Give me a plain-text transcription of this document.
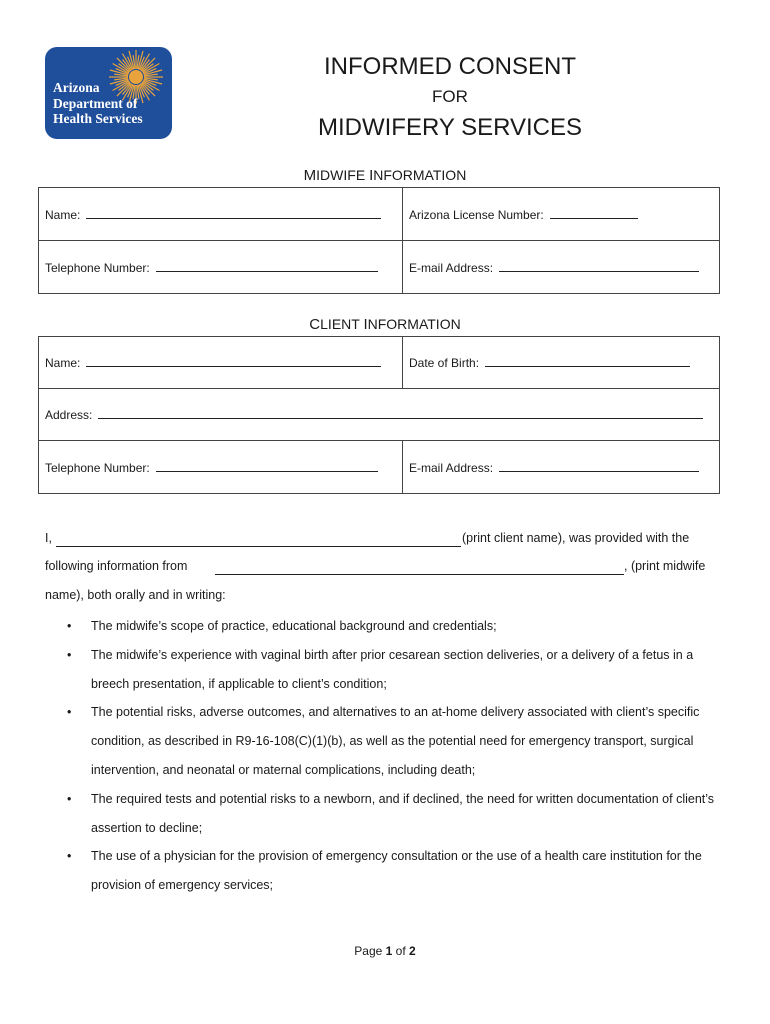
Arizona
Department of
Health Services
INFORMED CONSENT
FOR
MIDWIFERY SERVICES
MIDWIFE INFORMATION
Name:	Arizona License Number:
Telephone Number:	E-mail Address:
CLIENT INFORMATION
Name:	Date of Birth:
Address:	
Telephone Number:	E-mail Address:
I,	(print client name), was provided with the
following information from	, (print midwife
name), both orally and in writing:
• The midwife’s scope of practice, educational background and credentials;
• The midwife’s experience with vaginal birth after prior cesarean section deliveries, or a delivery of a fetus in a breech presentation, if applicable to client’s condition;
• The potential risks, adverse outcomes, and alternatives to an at-home delivery associated with client’s specific condition, as described in R9-16-108(C)(1)(b), as well as the potential need for emergency transport, surgical intervention, and neonatal or maternal complications, including death;
• The required tests and potential risks to a newborn, and if declined, the need for written documentation of client’s assertion to decline;
• The use of a physician for the provision of emergency consultation or the use of a health care institution for the provision of emergency services;
Page 1 of 2
